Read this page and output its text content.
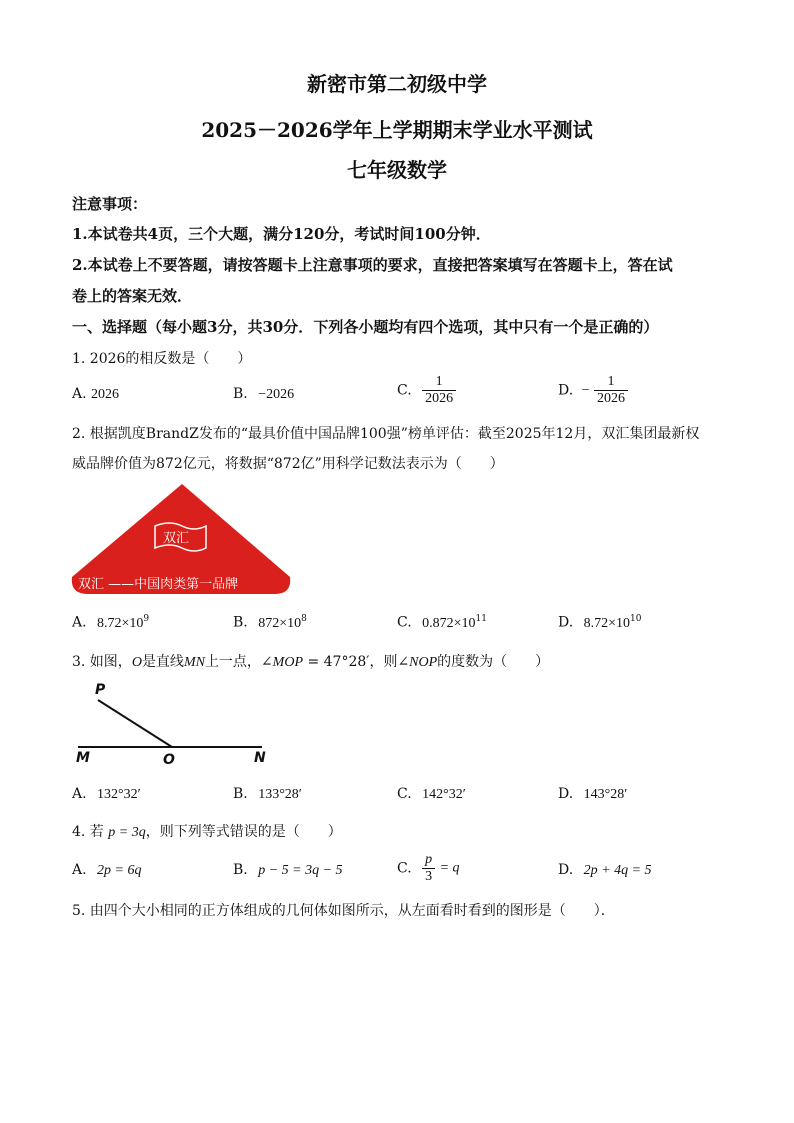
新密市第二初级中学
2025－2026学年上学期期末学业水平测试
七年级数学
注意事项：
1.本试卷共4页，三个大题，满分120分，考试时间100分钟．
2.本试卷上不要答题，请按答题卡上注意事项的要求，直接把答案填写在答题卡上，答在试
卷上的答案无效．
一、选择题（每小题3分，共30分．下列各小题均有四个选项，其中只有一个是正确的）
1. 2026的相反数是（　　）
A. 2026	B. −2026	C. $\frac{1}{2026}$	D. − $\frac{1}{2026}$
2. 根据凯度BrandZ发布的“最具价值中国品牌100强”榜单评估：截至2025年12月，双汇集团最新权
威品牌价值为872亿元，将数据“872亿”用科学记数法表示为（　　）
双汇
双汇 ——中国肉类第一品牌
A. $8.72\times 10^9$	B. $872\times 10^8$	C. $0.872\times 10^{11}$	D. $8.72\times 10^{10}$
3. 如图，O是直线MN上一点，∠MOP = 47°28′，则∠NOP的度数为（　　）
P
M	O	N
A. 132°32′	B. 133°28′	C. 142°32′	D. 143°28′
4. 若 p = 3q，则下列等式错误的是（　　）
A. 2p = 6q	B. p − 5 = 3q − 5	C. $\frac{p}{3} = q$	D. 2p + 4q = 5
5. 由四个大小相同的正方体组成的几何体如图所示，从左面看时看到的图形是（　　）．
